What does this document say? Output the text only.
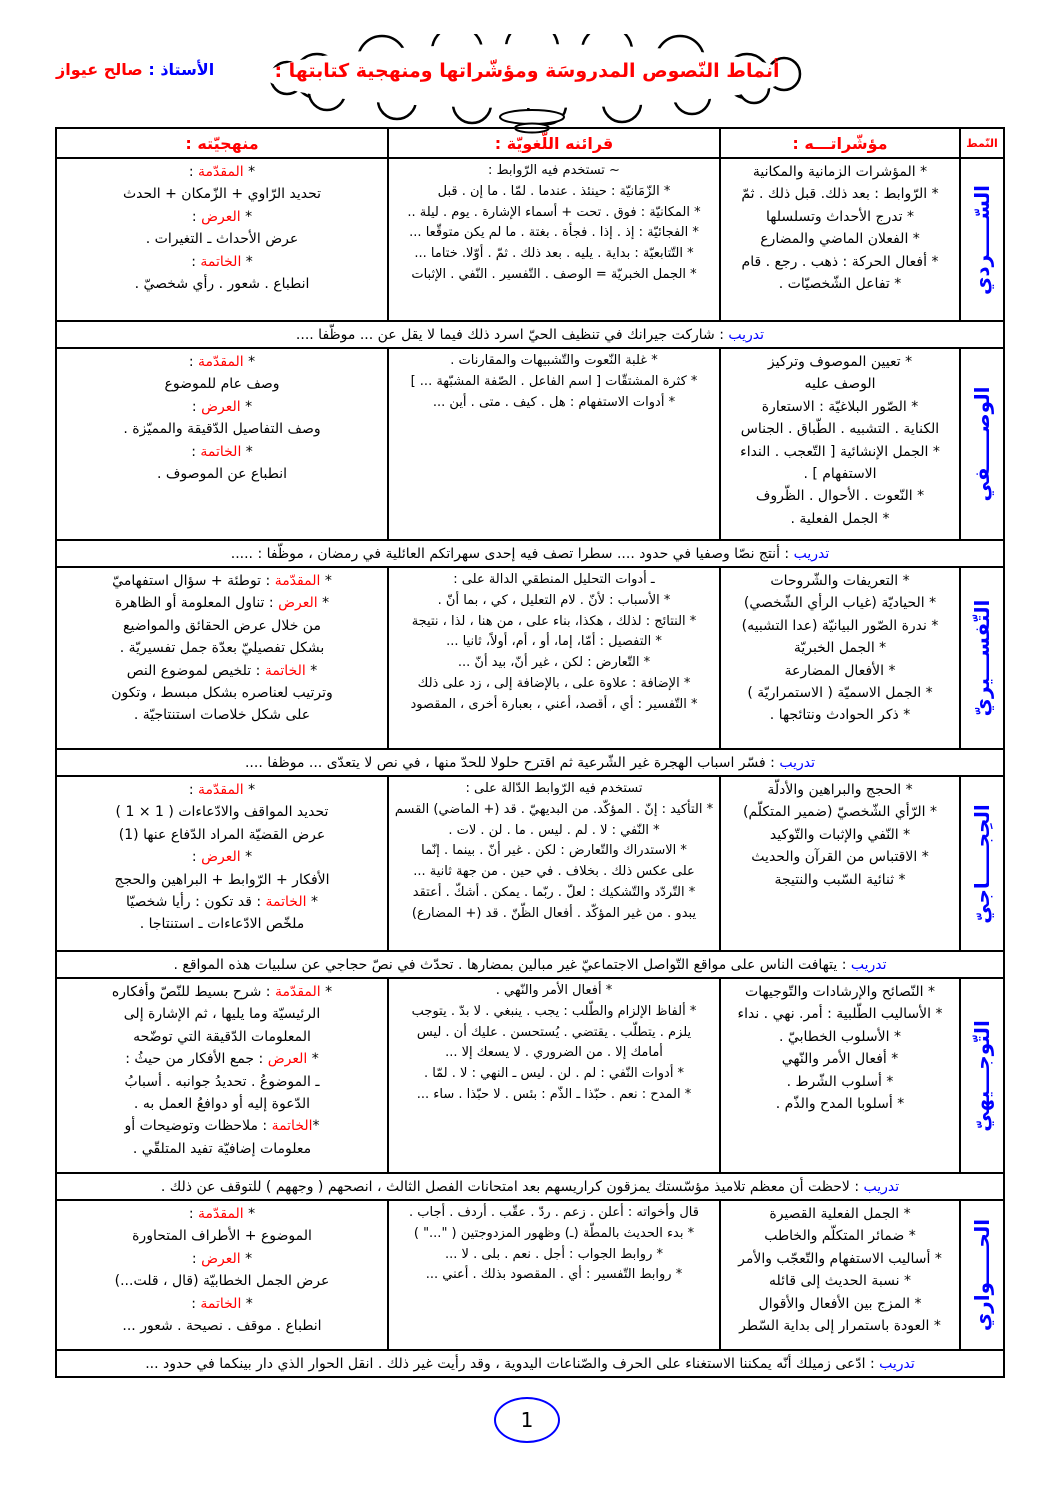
الأستاذ : صالح عيواز	أنماط النّصوص المدروسَة ومؤشّراتها ومنهجية كتابتها :
النّمط	مؤشّراتـــه :	قرائنه اللّغويّة :	منهجيّته :

السّـــــردي

* المؤشرات الزمانية والمكانية
* الرّوابط : بعد ذلك. قبل ذلك . ثمّ
* تدرج الأحداث وتسلسلها
* الفعلان الماضي والمضارع
* أفعال الحركة : ذهب . رجع . قام
* تفاعل الشّخصيّات .

~ تستخدم فيه الرّوابط :
* الزّمَانيّة : حينئذ . عندما . لمّا . ما إن . قبل
* المكانيّة : فوق . تحت + أسماء الإشارة . يوم . ليلة ..
* الفجائيّة : إذ . إذا . فجأة . بغتة . ما لم يكن متوقّعا ...
* التّتابعيّة : بداية . يليه . بعد ذلك . ثمّ . أوّلا. ختاما ...
* الجمل الخبريّة = الوصف . التّفسير . النّفي . الإثبات

* المقدّمة :
تحديد الرّاوي + الزّمكان + الحدث
* العرض :
عرض الأحداث ـ التغيرات .
* الخاتمة :
انطباع . شعور . رأي شخصيّ .

تدريب : شاركت جيرانك في تنظيف الحيّ اسرد ذلك فيما لا يقل عن ... موظّفا ....			

الوصـــــفي

* تعيين الموصوف وتركيز
الوصف عليه
* الصّور البلاغيّة : الاستعارة
الكناية . التشبيه . الطّباق . الجناس
* الجمل الإنشائية [ التّعجب . النداء
الاستفهام ] .
* النّعوت . الأحوال . الظّروف
* الجمل الفعلية .

* غلبة النّعوت والتّشبيهات والمقارنات .
* كثرة المشتقّات [ اسم الفاعل . الصّفة المشبّهة ... ]
* أدوات الاستفهام : هل . كيف . متى . أين ...

* المقدّمة :
وصف عام للموضوع
* العرض :
وصف التفاصيل الدّقيقة والمميّزة .
* الخاتمة :
انطباع عن الموصوف .

تدريب : أنتج نصّا وصفيا في حدود .... سطرا تصف فيه إحدى سهراتكم العائلية في رمضان ، موظّفا : .....			

التّفســـيريّ

* التعريفات والشّروحات
* الحياديّة (غياب الرأي الشّخصي)
* ندرة الصّور البيانيّة (عدا التشبيه)
* الجمل الخبريّة
* الأفعال المضارعة
* الجمل الاسميّة ( الاستمراريّة )
* ذكر الحوادث ونتائجها .

ـ أدوات التحليل المنطقي الدالة على :
* الأسباب : لأنّ . لام التعليل ، كي ، بما أنّ .
* النتائج : لذلك ، هكذا، بناء على ، من هنا ، لذا ، نتيجة
* التفصيل : أمّا، إما، أو ، أم، أولاً، ثانيا ...
* التّعارض : لكن ، غير أنّ، بيد أنّ ...
* الإضافة : علاوة على ، بالإضافة إلى ، زد على ذلك
* التّفسير : أي ، أقصد، أعني ، بعبارة أخرى ، المقصود

* المقدّمة : توطئة + سؤال استفهاميّ
* العرض : تناول المعلومة أو الظاهرة
من خلال عرض الحقائق والمواضيع
بشكل تفصيليّ بعدّة جمل تفسيريّة .
* الخاتمة : تلخيص لموضوع النص
وترتيب لعناصره بشكل مبسط ، وتكون
على شكل خلاصات استنتاجيّة .

تدريب : فسّر اسباب الهجرة غير الشّرعية ثم اقترح حلولا للحدّ منها ، في نص لا يتعدّى ... موظفا ....			

الحِجـــــاجيّ

* الحجج والبراهين والأدلّة
* الرّأي الشّخصيّ (ضمير المتكلّم)
* النّفي والإثبات والتّوكيد
* الاقتباس من القرآن والحديث
* ثنائية السّبب والنتيجة

تستخدم فيه الرّوابط الدّالة على :
* التأكيد : إنّ . المؤكّد. من البديهيّ . قد (+ الماضي) القسم
* النّفي : لا . لم . ليس . ما . لن . لات .
* الاستدراك والتّعارض : لكن . غير أنّ . بينما . إنّما
على عكس ذلك . بخلاف . في حين . من جهة ثانية ...
* التّردّد والتّشكيك : لعلّ . ربّما . يمكن . أشكّ . أعتقد
يبدو . من غير المؤكّد . أفعال الظّنّ . قد (+ المضارع)

* المقدّمة :
تحديد المواقف والادّعاءات ( 1 × 1 )
عرض القضيّة المراد الدّفاع عنها (1)
* العرض :
الأفكار + الرّوابط + البراهين والحجج
* الخاتمة : قد تكون : رأيا شخصيّا
ملخّص الادّعاءات ـ استنتاجا .

تدريب : يتهافت الناس على مواقع التّواصل الاجتماعيّ غير مبالين بمضارها . تحدّث في نصّ حجاجي عن سلبيات هذه المواقع .			

التّوجـــيهيّ

* النّصائح والإرشادات والتّوجيهات
* الأساليب الطّلبية : أمر. نهي . نداء
* الأسلوب الخطابيّ .
* أفعال الأمر والنّهي
* أسلوب الشّرط .
* أسلوبا المدح والذّم .

* أفعال الأمر والنّهي .
* ألفاظ الإلزام والطّلب : يجب . ينبغي . لا بدّ . يتوجب
يلزم . يتطلّب . يقتضي . يُستحسن . عليك أن . ليس
أمامك إلا . من الضروري . لا يسعك إلا ...
* أدوات النّفي : لم . لن . ليس ـ النهي : لا . لمّا .
* المدح : نعم . حبّذا ـ الذّم : بئس . لا حبّذا . ساء ...

* المقدّمة : شرح بسيط للنّصّ وأفكاره
الرئيسيّة وما يليها ، ثم الإشارة إلى
المعلومات الدّقيقة التي توضّحه
* العرض : جمع الأفكار من حيثُ :
ـ الموضوعُ . تحديدُ جوانبه . أسبابُ
الدّعوة إليه أو دوافعُ العمل به .
*الخاتمة : ملاحظات وتوضيحات أو
معلومات إضافيّة تفيد المتلقّي .

تدريب : لاحظت أن معظم تلاميذ مؤسّستك يمزقون كراريسهم بعد امتحانات الفصل الثالث ، انصحهم ( وجههم ) للتوقف عن ذلك .			

الحـــــواري

* الجمل الفعلية القصيرة
* ضمائر المتكلّم والخاطب
* أساليب الاستفهام والتّعجّب والأمر
* نسبة الحديث إلى قائله
* المزج بين الأفعال والأقوال
* العودة باستمرار إلى بداية السّطر

قال وأخواته : أعلن . زعم . ردّ . عقّب . أردف . أجاب .
* بدء الحديث بالمطّة (ـ) وظهور المزدوجتين ( "..." )
* روابط الجواب : أجل . نعم . بلى . لا ...
* روابط التّفسير : أي . المقصود بذلك . أعني ...

* المقدّمة :
الموضوع + الأطراف المتحاورة
* العرض :
عرض الجمل الخطابيّة (قال ، قلت...)
* الخاتمة :
انطباع . موقف . نصيحة . شعور ...

تدريب : ادّعى زميلك أنّه يمكننا الاستغناء على الحرف والصّناعات اليدوية ، وقد رأيت غير ذلك . انقل الحوار الذي دار بينكما في حدود ...			
1
